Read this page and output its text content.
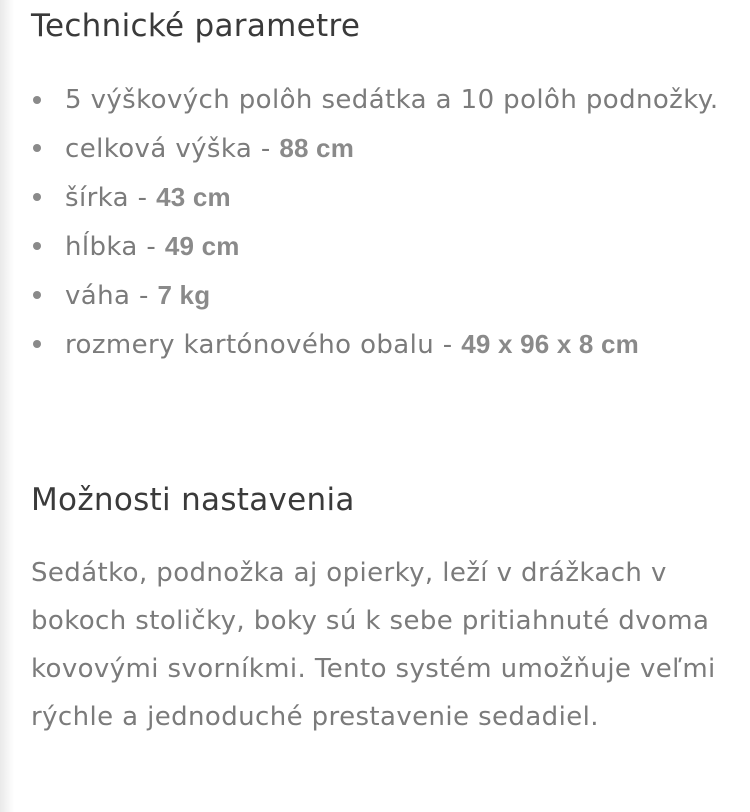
Technické parametre
5 výškových polôh sedátka a 10 polôh podnožky.
celková výška - 88 cm
šírka - 43 cm
hĺbka - 49 cm
váha - 7 kg
rozmery kartónového obalu - 49 x 96 x 8 cm
Možnosti nastavenia

Sedátko, podnožka aj opierky, leží v drážkach v bokoch stoličky, boky sú k sebe pritiahnuté dvoma kovovými svorníkmi. Tento systém umožňuje veľmi rýchle a jednoduché prestavenie sedadiel.
